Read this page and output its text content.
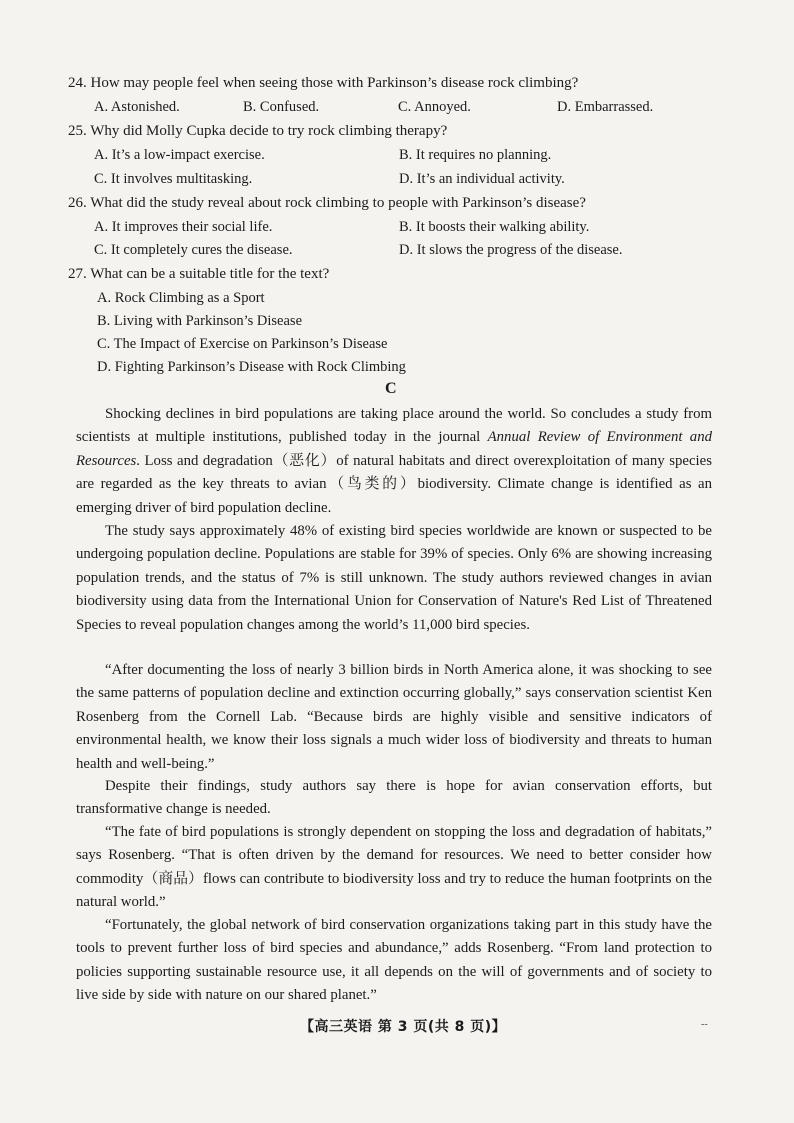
24. How may people feel when seeing those with Parkinson’s disease rock climbing?
A. Astonished.	B. Confused.	C. Annoyed.	D. Embarrassed.
25. Why did Molly Cupka decide to try rock climbing therapy?
A. It’s a low-impact exercise.	B. It requires no planning.
C. It involves multitasking.	D. It’s an individual activity.
26. What did the study reveal about rock climbing to people with Parkinson’s disease?
A. It improves their social life.	B. It boosts their walking ability.
C. It completely cures the disease.	D. It slows the progress of the disease.
27. What can be a suitable title for the text?
A. Rock Climbing as a Sport
B. Living with Parkinson’s Disease
C. The Impact of Exercise on Parkinson’s Disease
D. Fighting Parkinson’s Disease with Rock Climbing
C

Shocking declines in bird populations are taking place around the world. So concludes a study from scientists at multiple institutions, published today in the journal Annual Review of Environment and Resources. Loss and degradation（恶化）of natural habitats and direct overexploitation of many species are regarded as the key threats to avian（鸟类的）biodiversity. Climate change is identified as an emerging driver of bird population decline.

The study says approximately 48% of existing bird species worldwide are known or suspected to be undergoing population decline. Populations are stable for 39% of species. Only 6% are showing increasing population trends, and the status of 7% is still unknown. The study authors reviewed changes in avian biodiversity using data from the International Union for Conservation of Nature's Red List of Threatened Species to reveal population changes among the world’s 11,000 bird species.

“After documenting the loss of nearly 3 billion birds in North America alone, it was shocking to see the same patterns of population decline and extinction occurring globally,” says conservation scientist Ken Rosenberg from the Cornell Lab. “Because birds are highly visible and sensitive indicators of environmental health, we know their loss signals a much wider loss of biodiversity and threats to human health and well-being.”

Despite their findings, study authors say there is hope for avian conservation efforts, but transformative change is needed.

“The fate of bird populations is strongly dependent on stopping the loss and degradation of habitats,” says Rosenberg. “That is often driven by the demand for resources. We need to better consider how commodity（商品）flows can contribute to biodiversity loss and try to reduce the human footprints on the natural world.”

“Fortunately, the global network of bird conservation organizations taking part in this study have the tools to prevent further loss of bird species and abundance,” adds Rosenberg. “From land protection to policies supporting sustainable resource use, it all depends on the will of governments and of society to live side by side with nature on our shared planet.”

【高三英语 第 3 页(共 8 页)】	--
